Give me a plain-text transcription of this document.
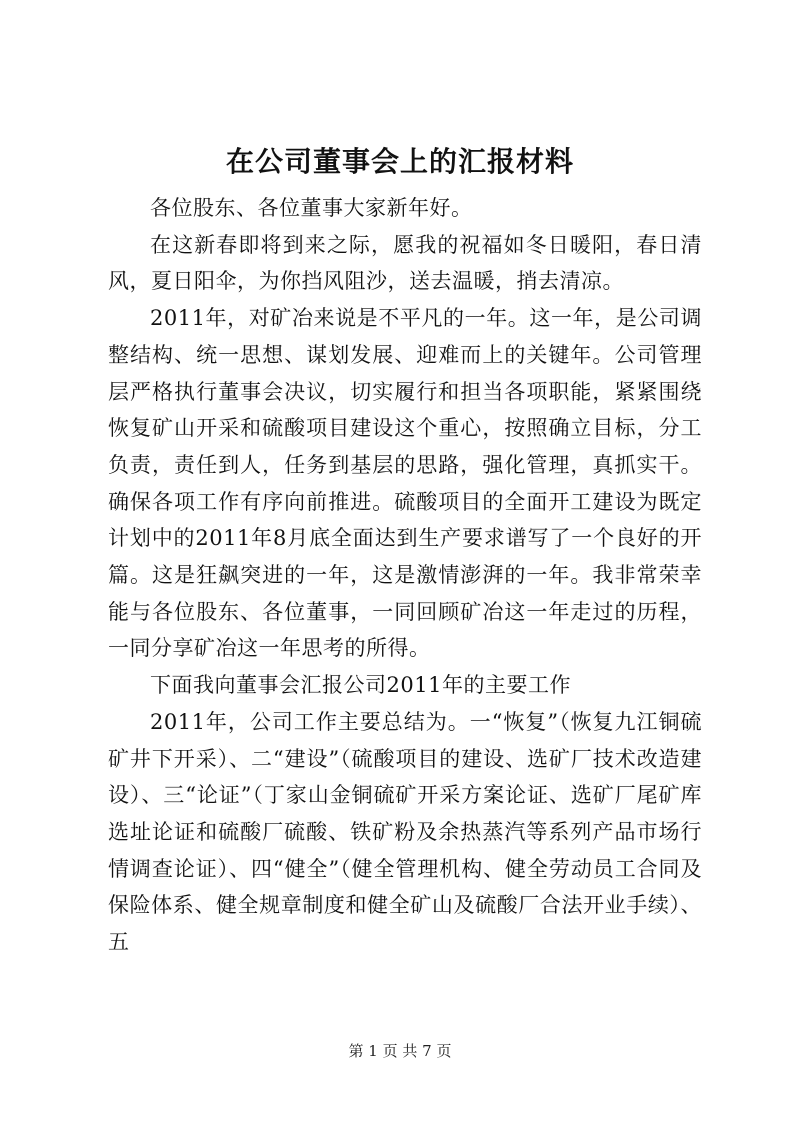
在公司董事会上的汇报材料

各位股东、各位董事大家新年好。

在这新春即将到来之际，愿我的祝福如冬日暖阳，春日清风，夏日阳伞，为你挡风阻沙，送去温暖，捎去清凉。

2011年，对矿冶来说是不平凡的一年。这一年，是公司调整结构、统一思想、谋划发展、迎难而上的关键年。公司管理层严格执行董事会决议，切实履行和担当各项职能，紧紧围绕恢复矿山开采和硫酸项目建设这个重心，按照确立目标，分工负责，责任到人，任务到基层的思路，强化管理，真抓实干。确保各项工作有序向前推进。硫酸项目的全面开工建设为既定计划中的2011年8月底全面达到生产要求谱写了一个良好的开篇。这是狂飙突进的一年，这是激情澎湃的一年。我非常荣幸能与各位股东、各位董事，一同回顾矿冶这一年走过的历程，一同分享矿冶这一年思考的所得。

下面我向董事会汇报公司2011年的主要工作

2011年，公司工作主要总结为。一“恢复”（恢复九江铜硫矿井下开采）、二“建设”（硫酸项目的建设、选矿厂技术改造建设）、三“论证”（丁家山金铜硫矿开采方案论证、选矿厂尾矿库选址论证和硫酸厂硫酸、铁矿粉及余热蒸汽等系列产品市场行情调查论证）、四“健全”（健全管理机构、健全劳动员工合同及保险体系、健全规章制度和健全矿山及硫酸厂合法开业手续）、五

第 1 页 共 7 页
